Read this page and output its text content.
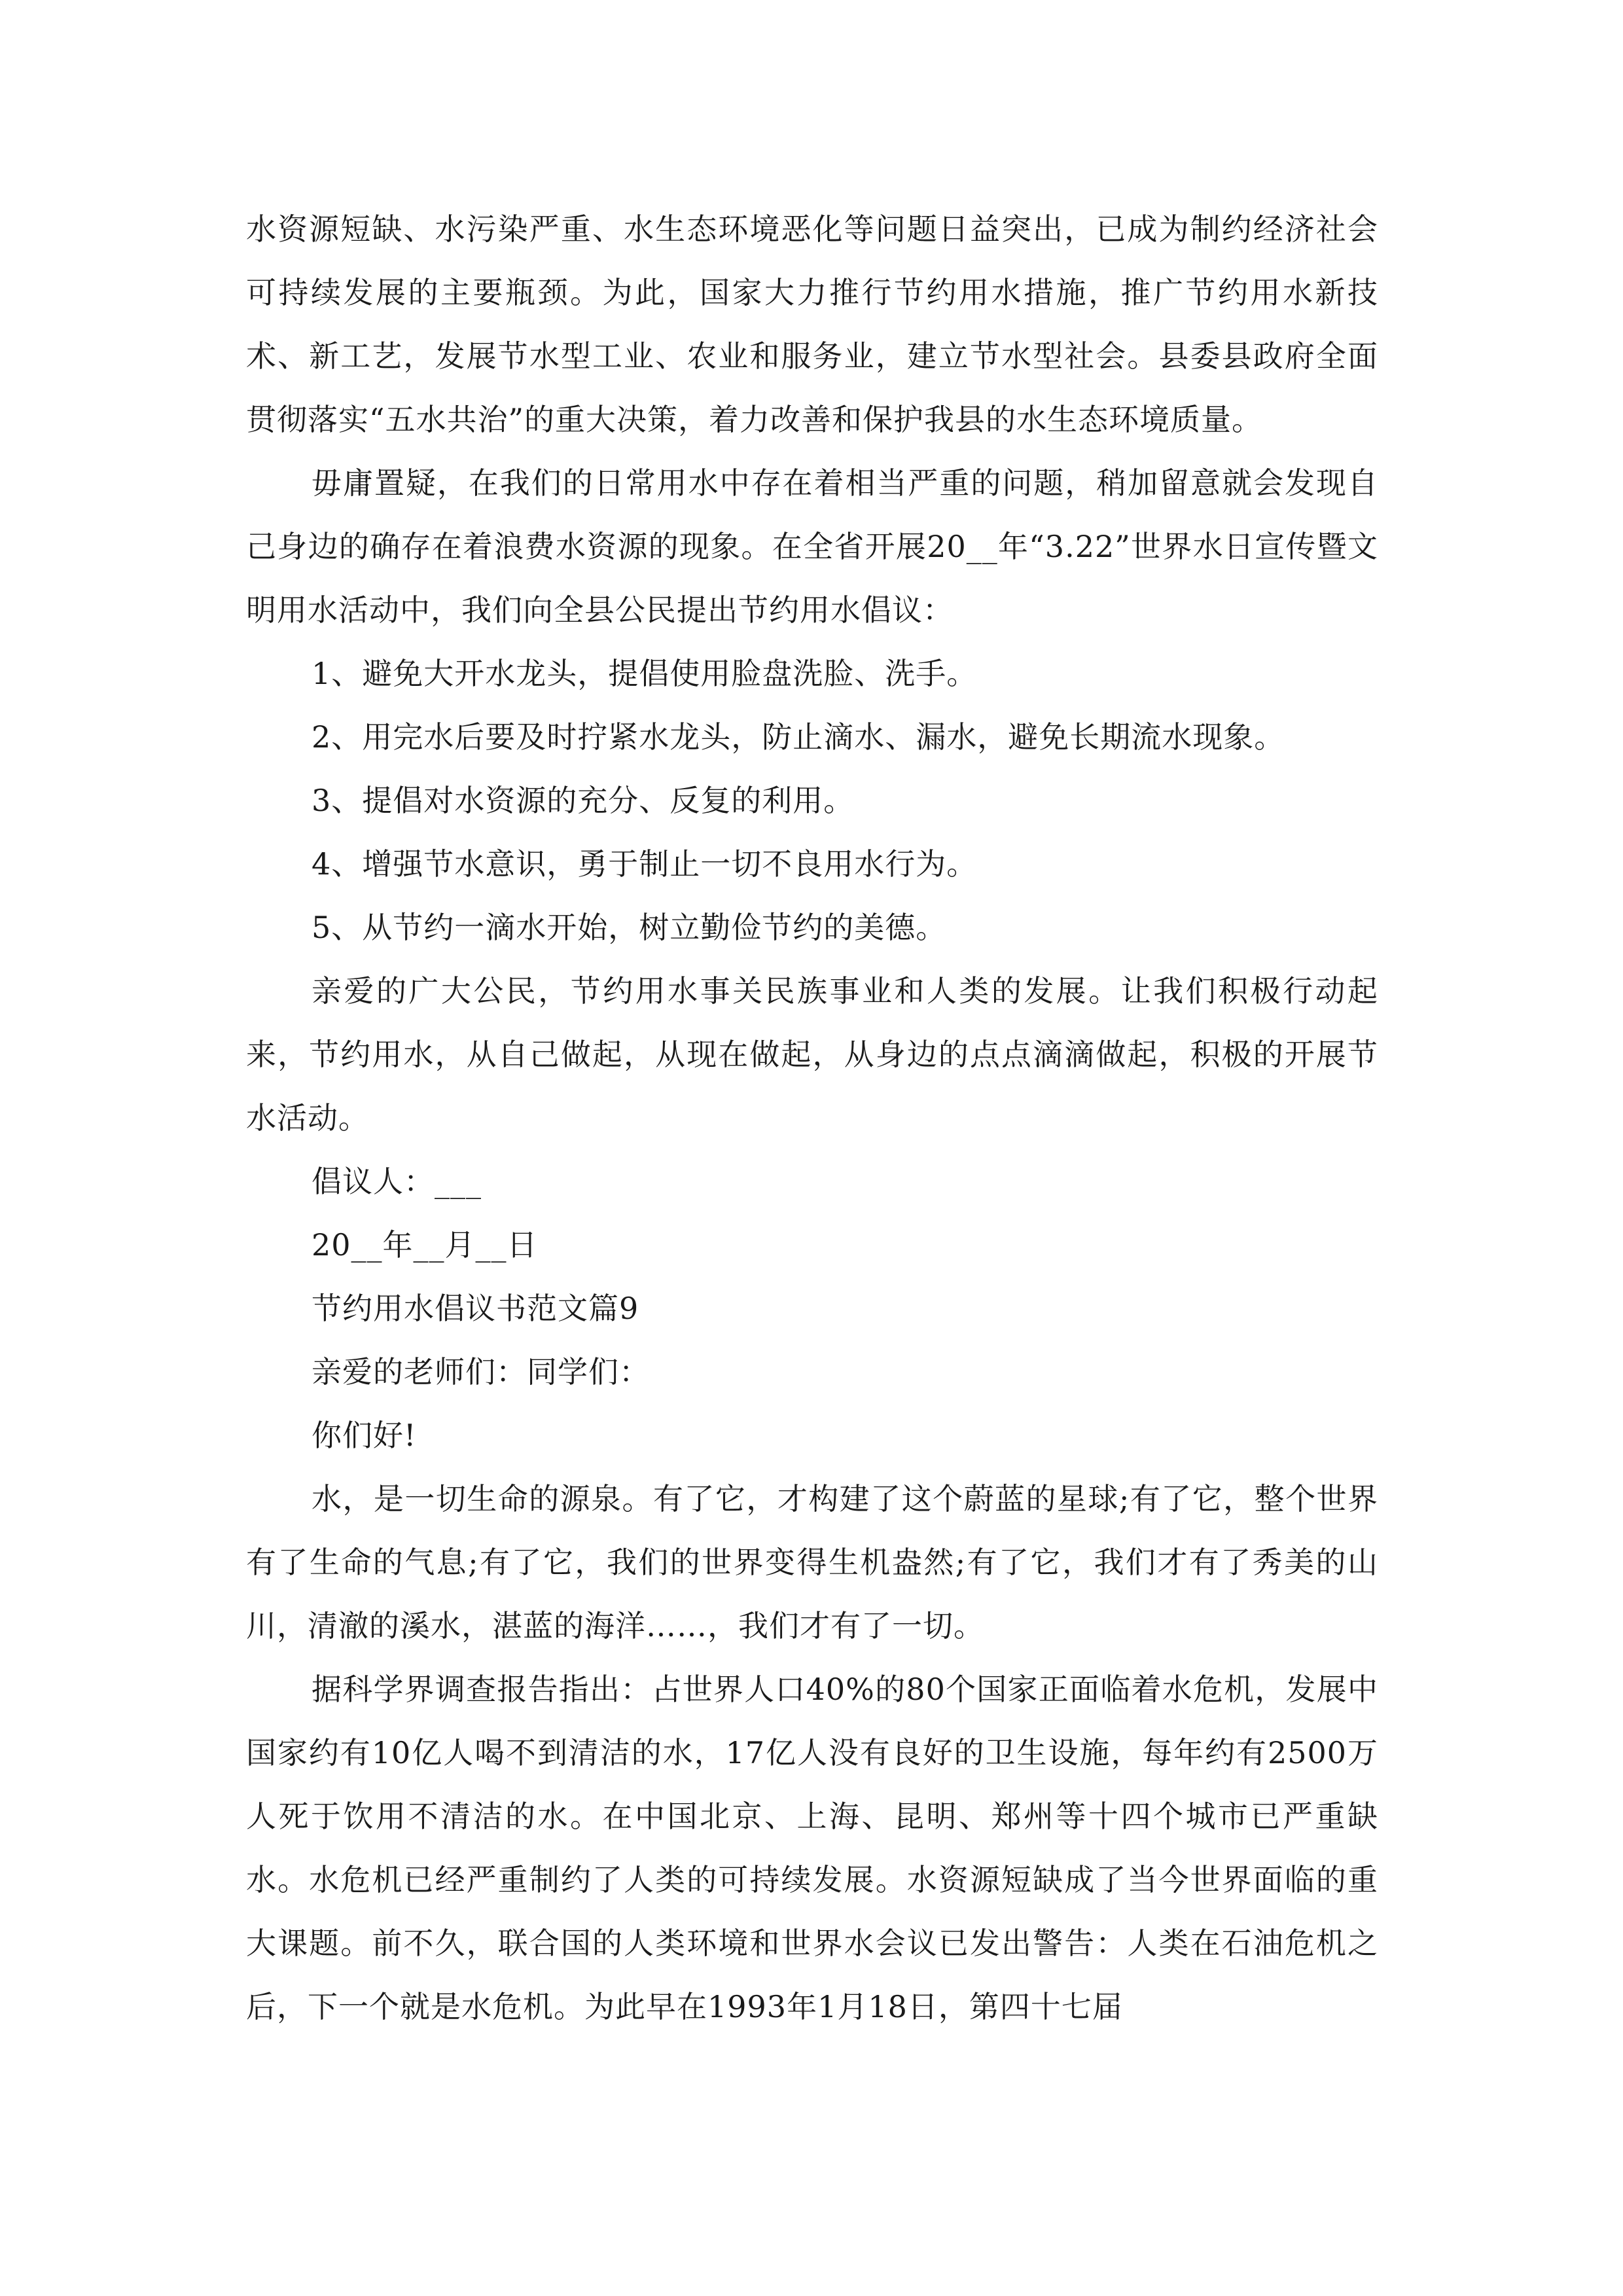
水资源短缺、水污染严重、水生态环境恶化等问题日益突出，已成为制约经济社会可持续发展的主要瓶颈。为此，国家大力推行节约用水措施，推广节约用水新技术、新工艺，发展节水型工业、农业和服务业，建立节水型社会。县委县政府全面贯彻落实“五水共治”的重大决策，着力改善和保护我县的水生态环境质量。

毋庸置疑，在我们的日常用水中存在着相当严重的问题，稍加留意就会发现自己身边的确存在着浪费水资源的现象。在全省开展20__年“3.22”世界水日宣传暨文明用水活动中，我们向全县公民提出节约用水倡议：

1、避免大开水龙头，提倡使用脸盘洗脸、洗手。

2、用完水后要及时拧紧水龙头，防止滴水、漏水，避免长期流水现象。

3、提倡对水资源的充分、反复的利用。

4、增强节水意识，勇于制止一切不良用水行为。

5、从节约一滴水开始，树立勤俭节约的美德。

亲爱的广大公民，节约用水事关民族事业和人类的发展。让我们积极行动起来，节约用水，从自己做起，从现在做起，从身边的点点滴滴做起，积极的开展节水活动。

倡议人：___

20__年__月__日

节约用水倡议书范文篇9

亲爱的老师们：同学们：

你们好!

水，是一切生命的源泉。有了它，才构建了这个蔚蓝的星球;有了它，整个世界有了生命的气息;有了它，我们的世界变得生机盎然;有了它，我们才有了秀美的山川，清澈的溪水，湛蓝的海洋……，我们才有了一切。

据科学界调查报告指出：占世界人口40%的80个国家正面临着水危机，发展中国家约有10亿人喝不到清洁的水，17亿人没有良好的卫生设施，每年约有2500万人死于饮用不清洁的水。在中国北京、上海、昆明、郑州等十四个城市已严重缺水。水危机已经严重制约了人类的可持续发展。水资源短缺成了当今世界面临的重大课题。前不久，联合国的人类环境和世界水会议已发出警告：人类在石油危机之后，下一个就是水危机。为此早在1993年1月18日，第四十七届
